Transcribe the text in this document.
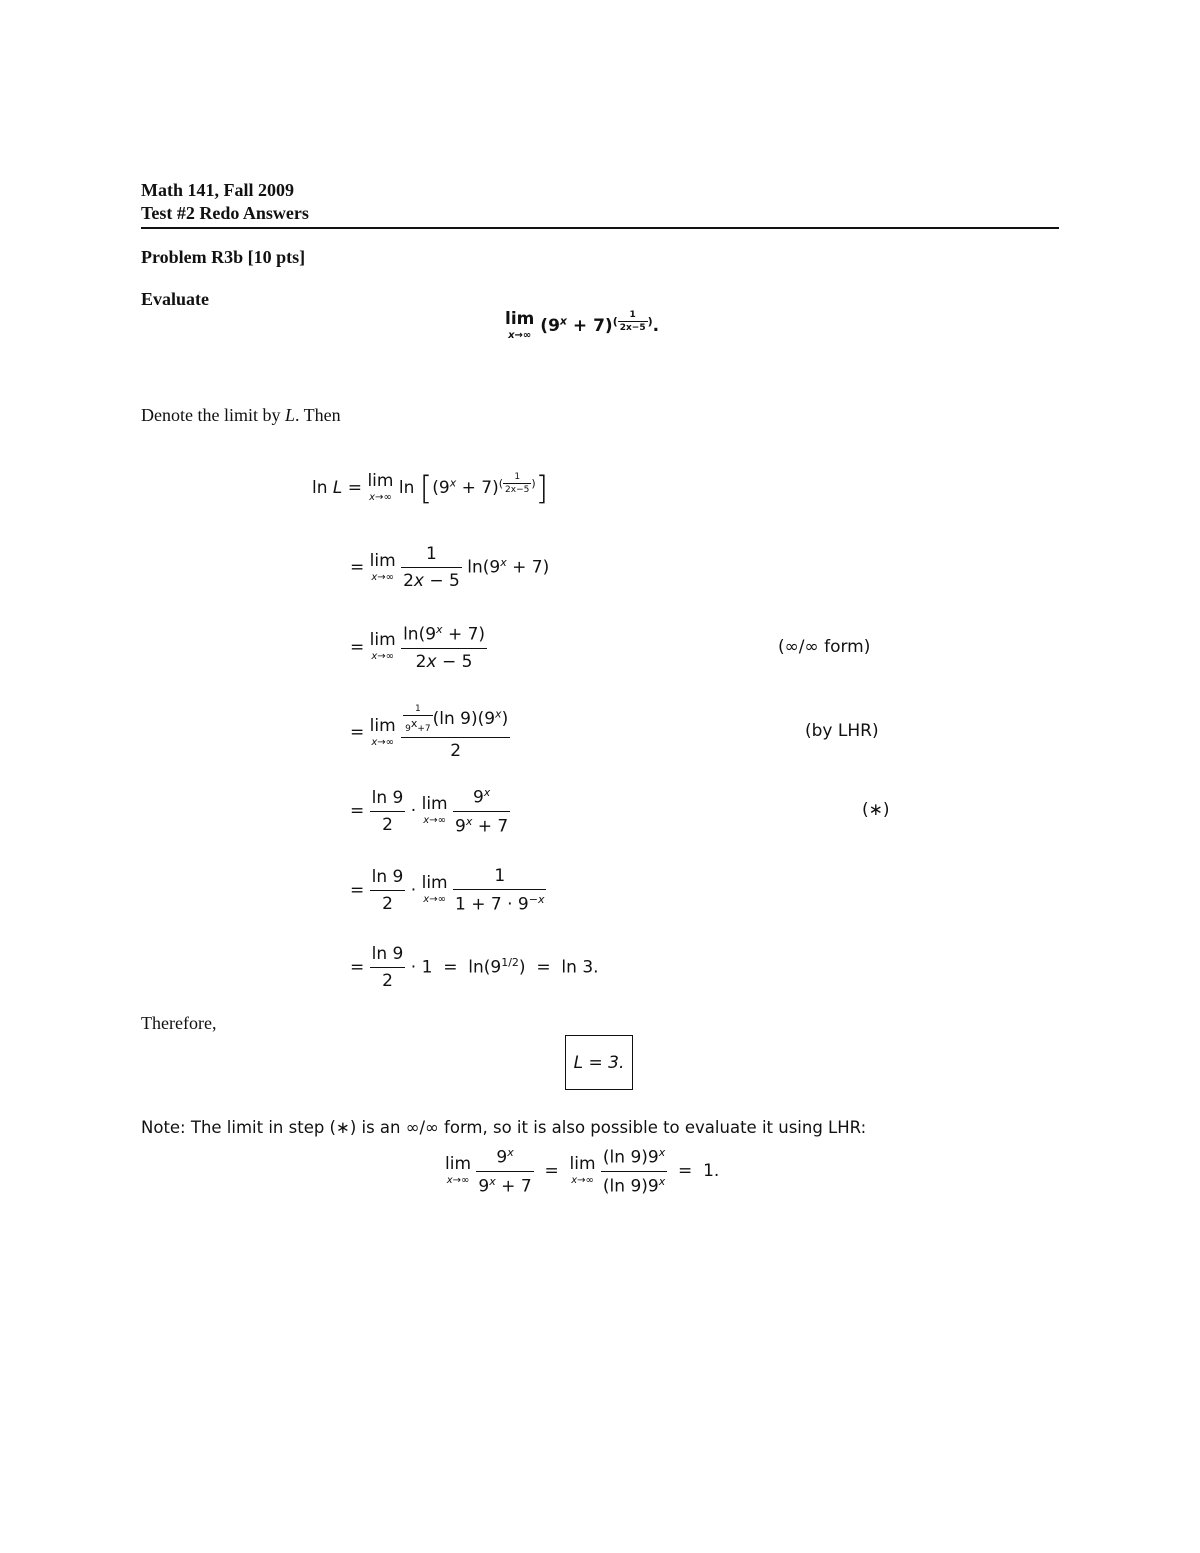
Math 141, Fall 2009
Test #2 Redo Answers
Problem R3b [10 pts]
Evaluate
lim
x→∞ $(9^x + 7)^{( \frac{1}{2x-5} )}$.
Denote the limit by L. Then
ln L = lim
x→∞ $\ln [(9^x + 7)^{( \frac{1}{2x-5} )}]$
= lim
x→∞
$\frac{1}{2x - 5} \ln(9^x + 7)$
= lim
x→∞
$\frac{\ln(9^x + 7)}{2x - 5}$	(∞/∞ form)
= lim
x→∞
$\frac{\frac{1}{9^x+7} (\ln 9)(9^x)}{2}$	(by LHR)
= $\frac{\ln 9}{2} \cdot \lim$
x→∞
$\frac{9^x}{9^x + 7}$	(∗)
= $\frac{\ln 9}{2} \cdot \lim$
x→∞
$\frac{1}{1 + 7 \cdot 9^{-x}}$
= $\frac{\ln 9}{2} \cdot 1 = \ln(9^{1/2}) = \ln 3$.
Therefore,
L = 3.
Note: The limit in step (∗) is an ∞/∞ form, so it is also possible to evaluate it using LHR:
lim
x→∞
$\frac{9^x}{9^x + 7} = \lim$
x→∞
$\frac{(\ln 9)9^x}{(\ln 9)9^x} = 1$.
